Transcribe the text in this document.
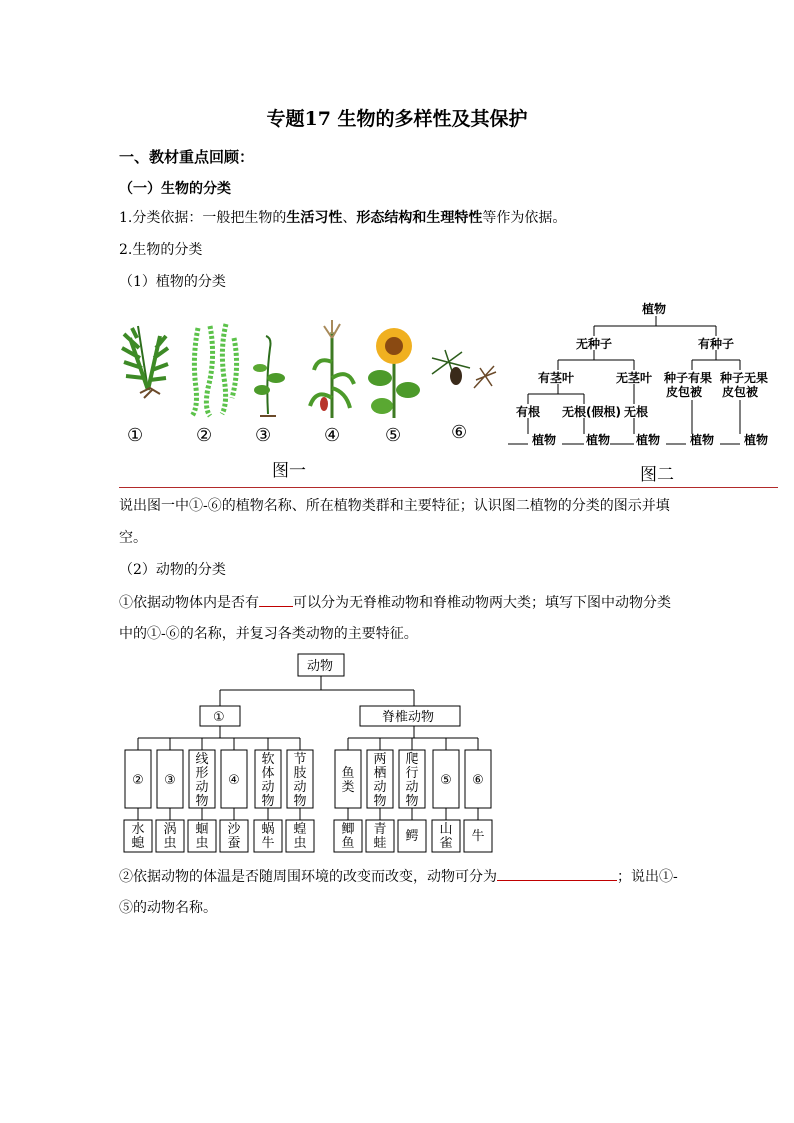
专题17 生物的多样性及其保护
一、教材重点回顾：
（一）生物的分类
1.分类依据：一般把生物的生活习性、形态结构和生理特性等作为依据。
2.生物的分类
（1）植物的分类
①	② ③	④ ⑤	⑥
图一
植物
无种子	有种子
有茎叶	无茎叶 种子有果
皮包被
种子无果
皮包被
有根 无根(假根) 无根
植物 植物 植物 植物 植物
图二
说出图一中①-⑥的植物名称、所在植物类群和主要特征；认识图二植物的分类的图示并填
空。
（2）动物的分类
①依据动物体内是否有 可以分为无脊椎动物和脊椎动物两大类；填写下图中动物分类
中的①-⑥的名称，并复习各类动物的主要特征。
动物
①	脊椎动物
② ③
线形动物
④
软体动物
节肢动物
鱼类
两栖动物
爬行动物
⑤ ⑥
水螅
涡虫
蛔虫
沙蚕
蜗牛
蝗虫
鲫鱼
青蛙 鳄 山雀 牛
②依据动物的体温是否随周围环境的改变而改变，动物可分为	；说出①-
⑤的动物名称。
